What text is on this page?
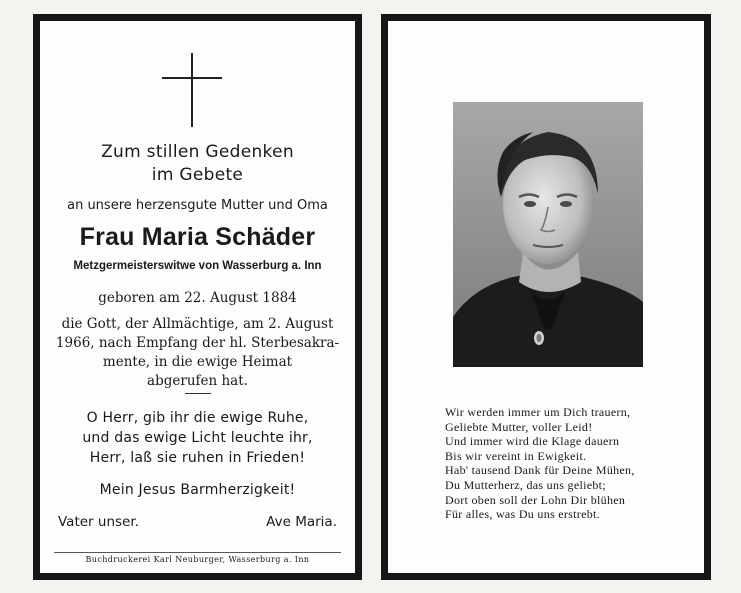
Zum stillen Gedenken
im Gebete
an unsere herzensgute Mutter und Oma
Frau Maria Schäder
Metzgermeisterswitwe von Wasserburg a. Inn
geboren am 22. August 1884
die Gott, der Allmächtige, am 2. August
1966, nach Empfang der hl. Sterbesakra-
mente, in die ewige Heimat
abgerufen hat.
O Herr, gib ihr die ewige Ruhe,
und das ewige Licht leuchte ihr,
Herr, laß sie ruhen in Frieden!
Mein Jesus Barmherzigkeit!
Vater unser.	Ave Maria.
Buchdruckerei Karl Neuburger, Wasserburg a. Inn
Wir werden immer um Dich trauern,
Geliebte Mutter, voller Leid!
Und immer wird die Klage dauern
Bis wir vereint in Ewigkeit.
Hab' tausend Dank für Deine Mühen,
Du Mutterherz, das uns geliebt;
Dort oben soll der Lohn Dir blühen
Für alles, was Du uns erstrebt.
